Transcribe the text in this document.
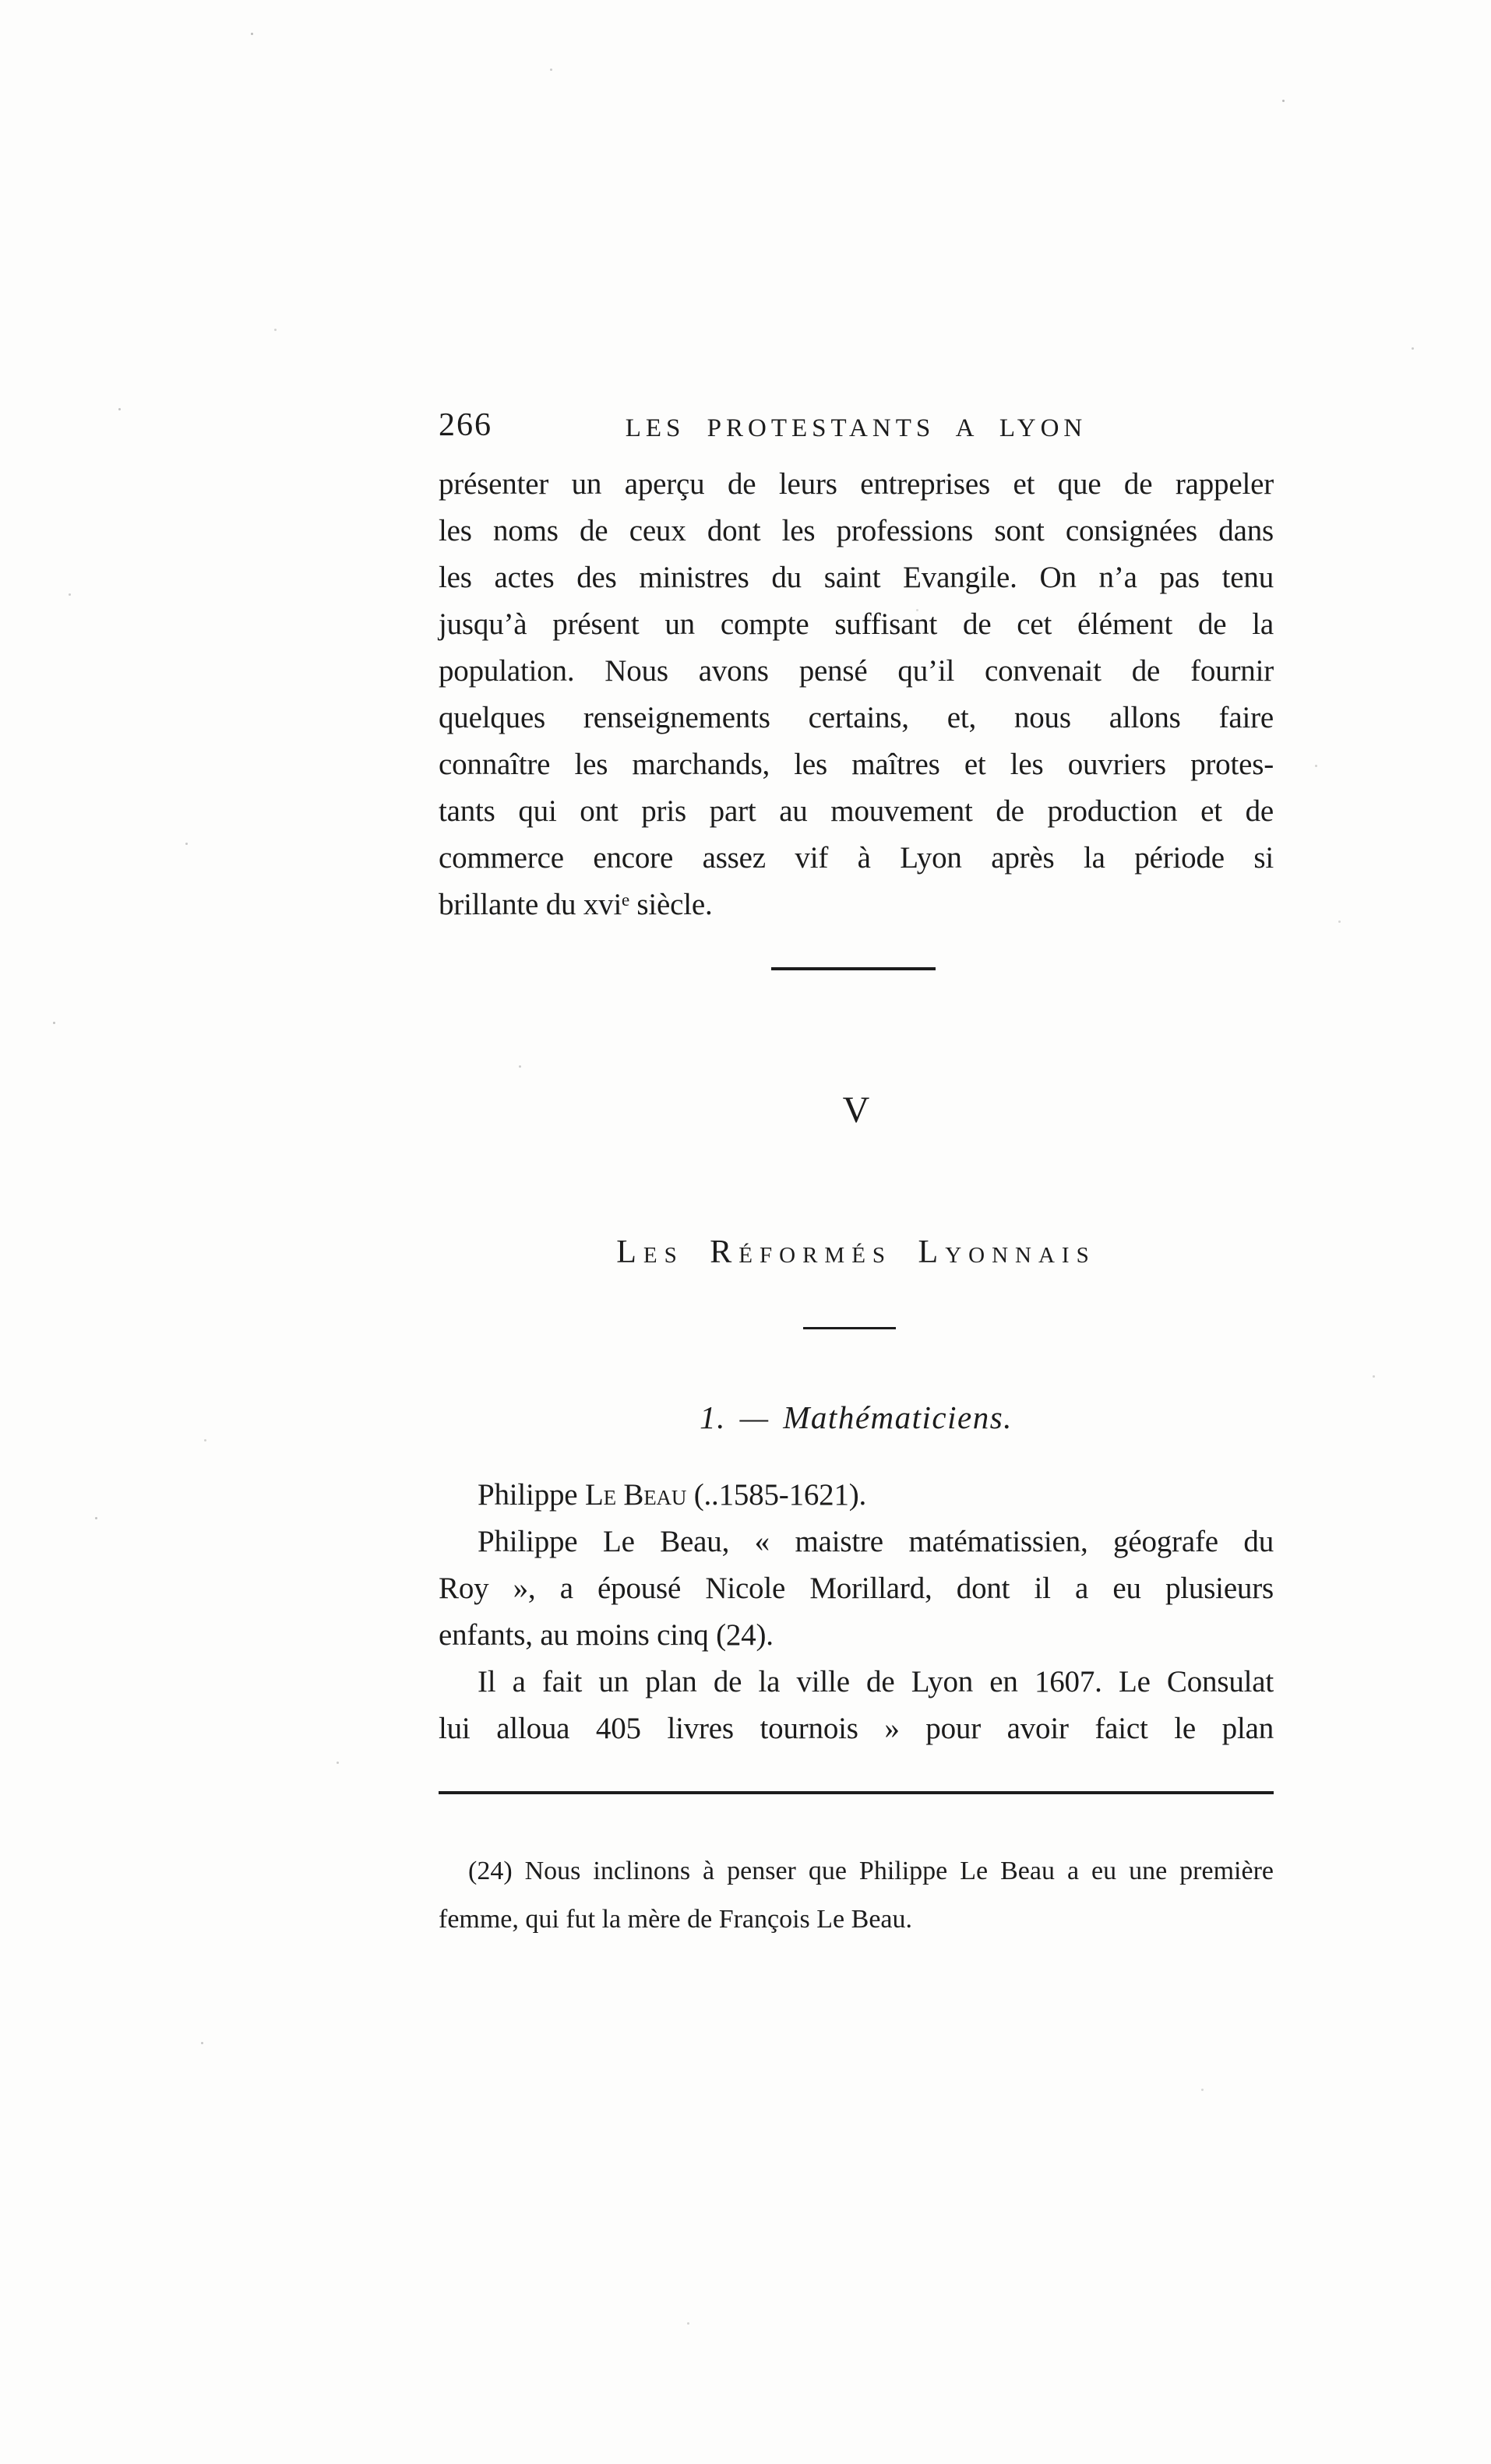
266	LES PROTESTANTS A LYON
présenter un aperçu de leurs entreprises et que de rappeler
les noms de ceux dont les professions sont consignées dans
les actes des ministres du saint Evangile. On n’a pas tenu
jusqu’à présent un compte suffisant de cet élément de la
population. Nous avons pensé qu’il convenait de fournir
quelques renseignements certains, et, nous allons faire
connaître les marchands, les maîtres et les ouvriers protes-
tants qui ont pris part au mouvement de production et de
commerce encore assez vif à Lyon après la période si
brillante du xviᵉ siècle.
V
Les Réformés Lyonnais
1. — Mathématiciens.
Philippe Le Beau (..1585-1621).
Philippe Le Beau, « maistre matématissien, géografe du
Roy », a épousé Nicole Morillard, dont il a eu plusieurs
enfants, au moins cinq (24).
Il a fait un plan de la ville de Lyon en 1607. Le Consulat
lui alloua 405 livres tournois » pour avoir faict le plan
(24) Nous inclinons à penser que Philippe Le Beau a eu une première
femme, qui fut la mère de François Le Beau.
